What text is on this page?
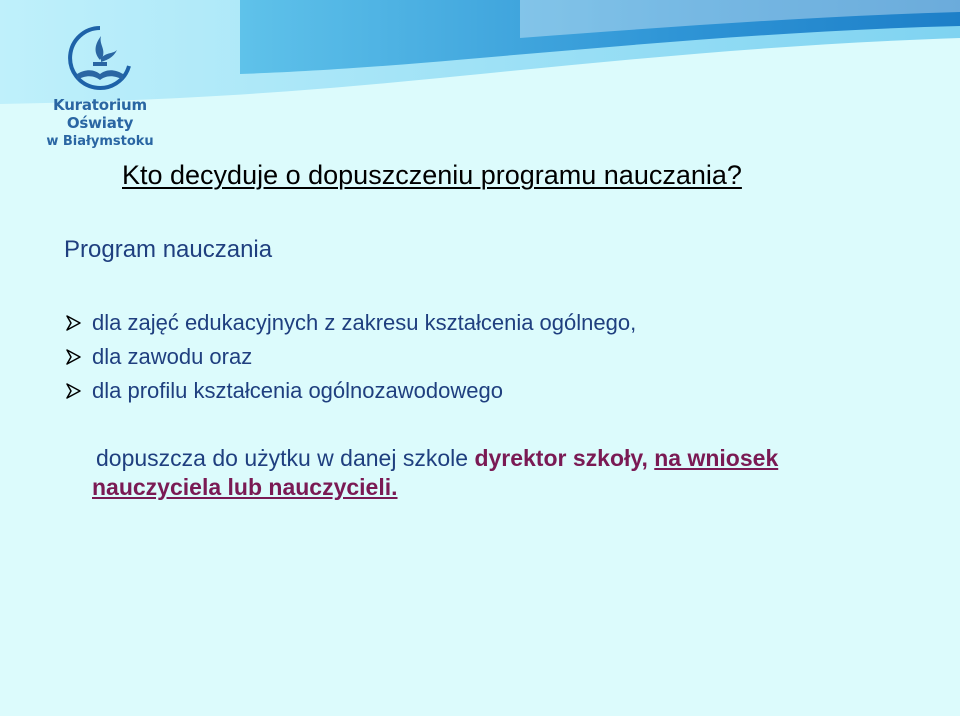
Kuratorium Oświaty
w Białymstoku
Kto decyduje o dopuszczeniu programu nauczania?
Program nauczania
dla zajęć edukacyjnych z zakresu kształcenia ogólnego,
dla zawodu oraz
dla profilu kształcenia ogólnozawodowego
dopuszcza do użytku w danej szkole dyrektor szkoły, na wniosek
nauczyciela lub nauczycieli.
